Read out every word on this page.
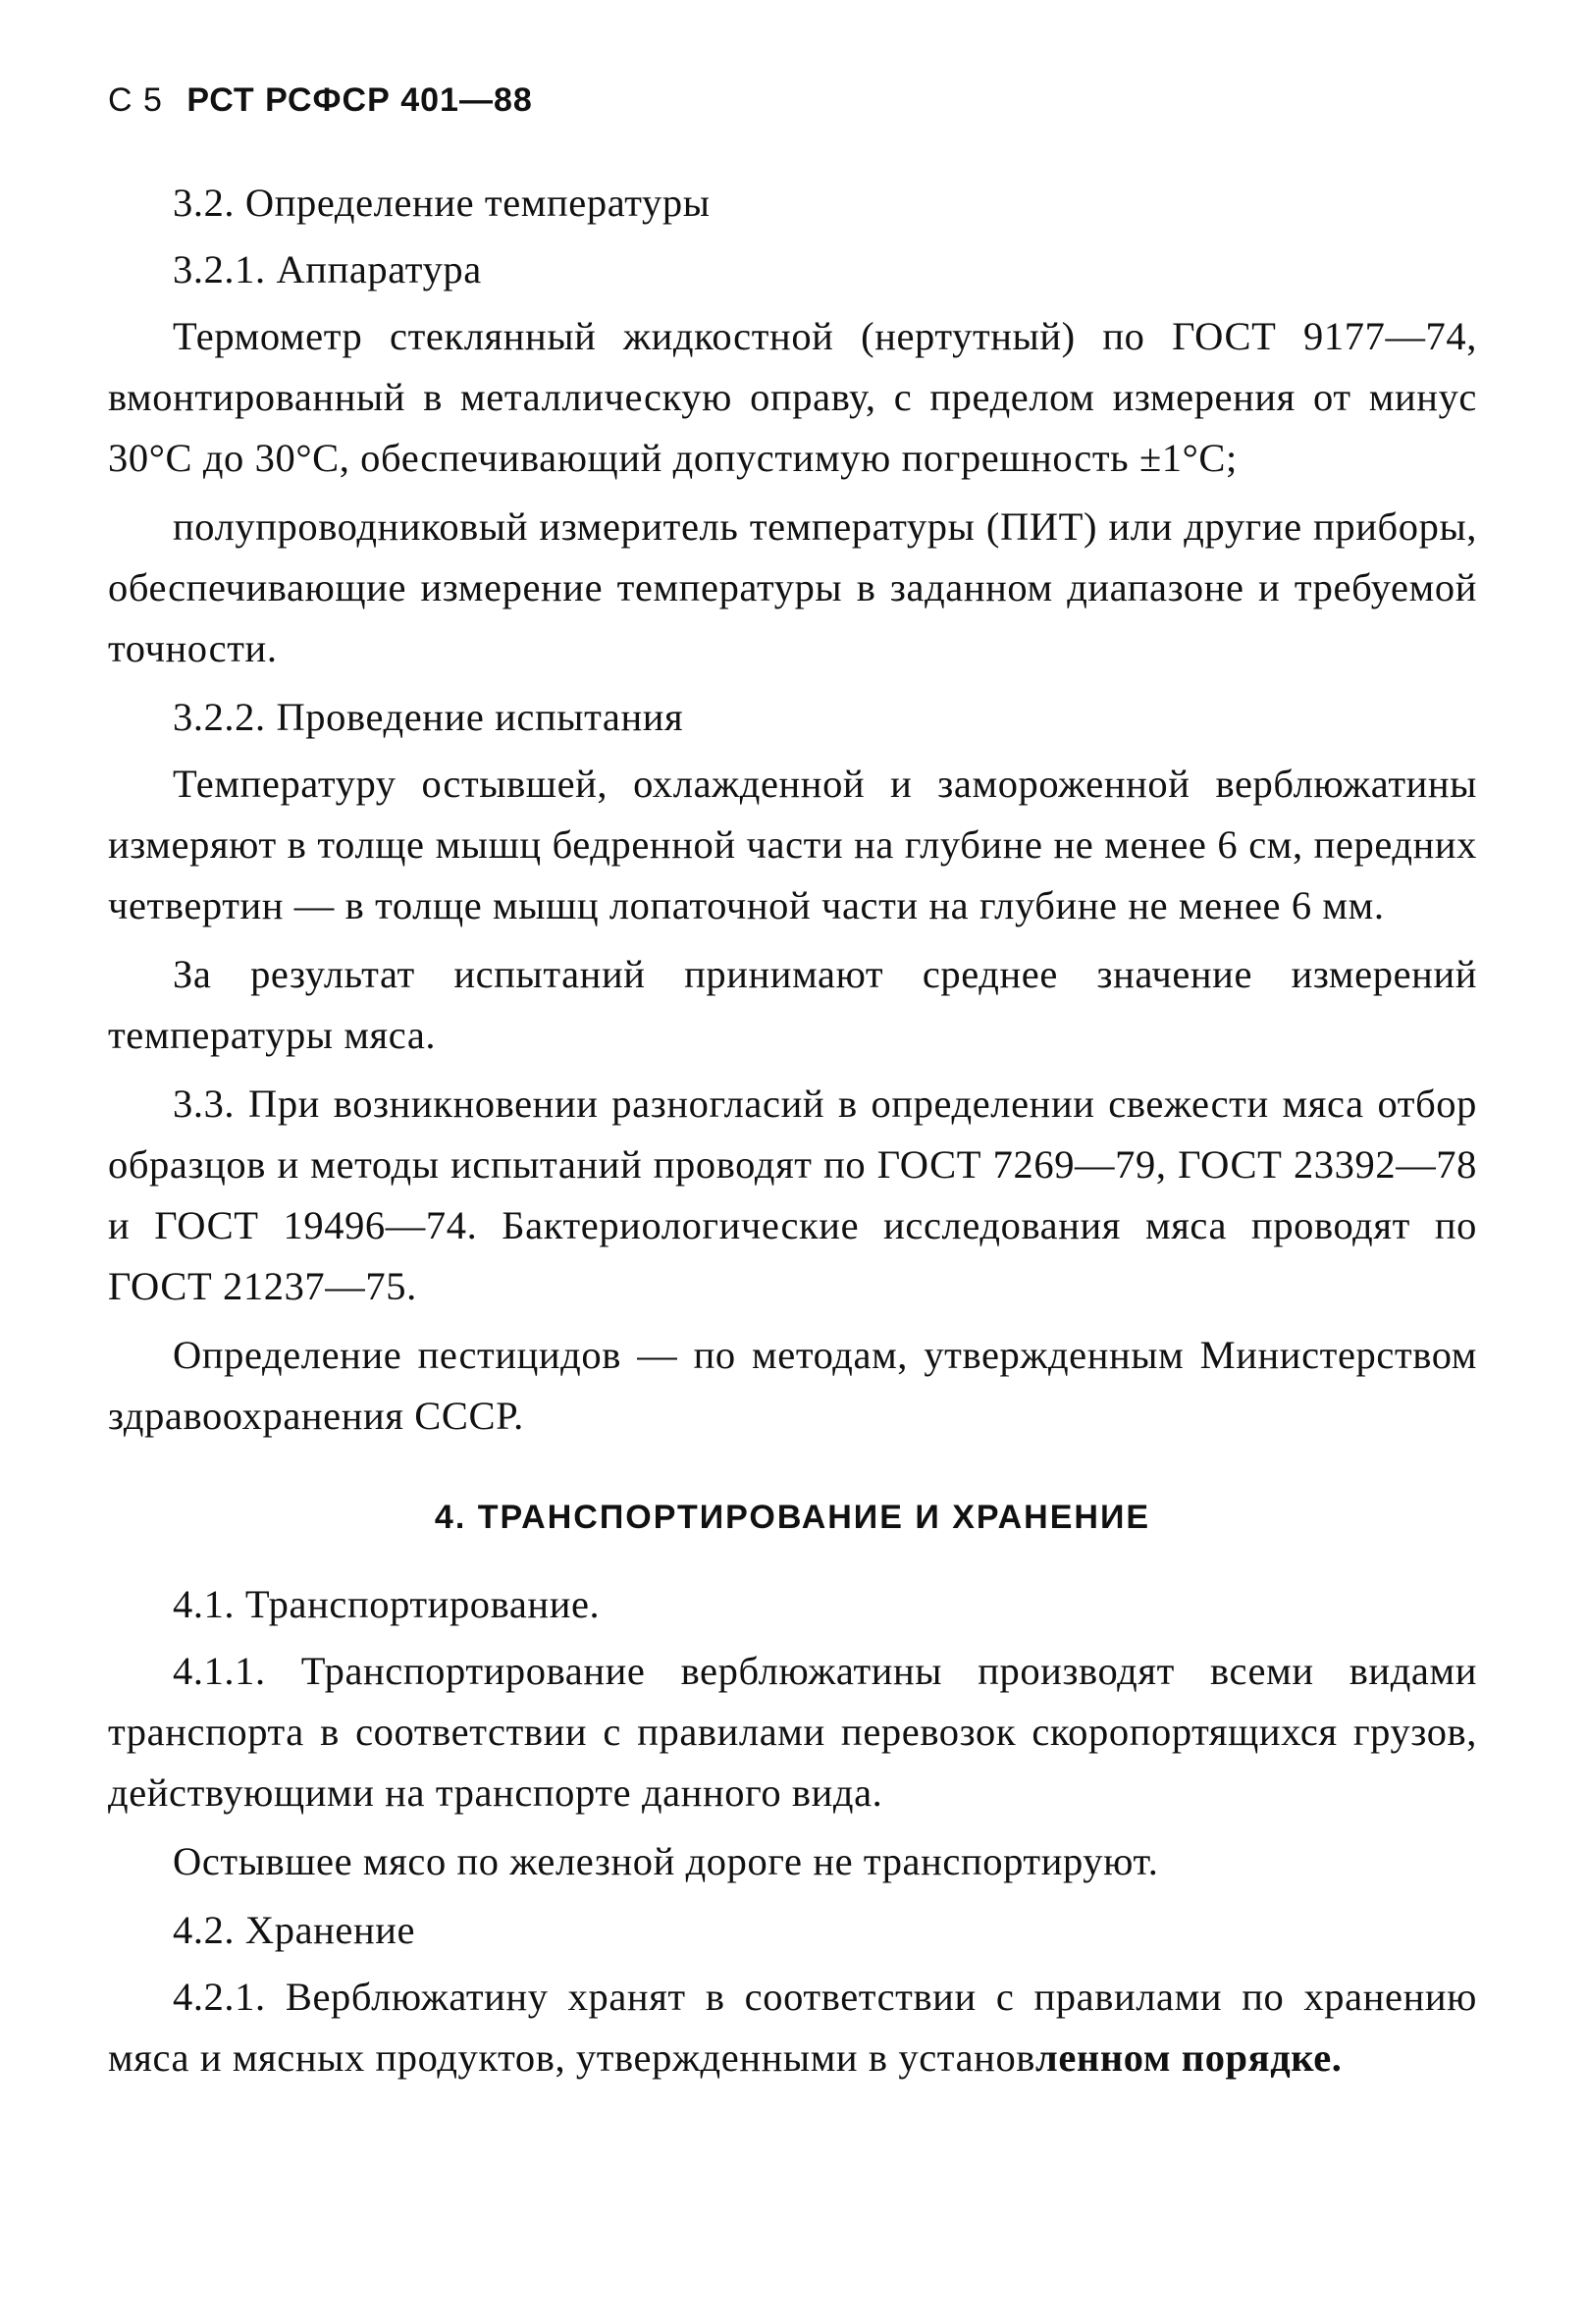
С 5 РСТ РСФСР 401—88

3.2. Определение температуры

3.2.1. Аппаратура

Термометр стеклянный жидкостной (нертутный) по ГОСТ 9177—74, вмонтированный в металлическую оправу, с пределом измерения от минус 30°С до 30°С, обеспечивающий допустимую погрешность ±1°С;

полупроводниковый измеритель температуры (ПИТ) или другие приборы, обеспечивающие измерение температуры в заданном диапазоне и требуемой точности.

3.2.2. Проведение испытания

Температуру остывшей, охлажденной и замороженной верблюжатины измеряют в толще мышц бедренной части на глубине не менее 6 см, передних четвертин — в толще мышц лопаточной части на глубине не менее 6 мм.

За результат испытаний принимают среднее значение измерений температуры мяса.

3.3. При возникновении разногласий в определении свежести мяса отбор образцов и методы испытаний проводят по ГОСТ 7269—79, ГОСТ 23392—78 и ГОСТ 19496—74. Бактериологические исследования мяса проводят по ГОСТ 21237—75.

Определение пестицидов — по методам, утвержденным Министерством здравоохранения СССР.

4. ТРАНСПОРТИРОВАНИЕ И ХРАНЕНИЕ

4.1. Транспортирование.

4.1.1. Транспортирование верблюжатины производят всеми видами транспорта в соответствии с правилами перевозок скоропортящихся грузов, действующими на транспорте данного вида.

Остывшее мясо по железной дороге не транспортируют.

4.2. Хранение

4.2.1. Верблюжатину хранят в соответствии с правилами по хранению мяса и мясных продуктов, утвержденными в установленном порядке.
